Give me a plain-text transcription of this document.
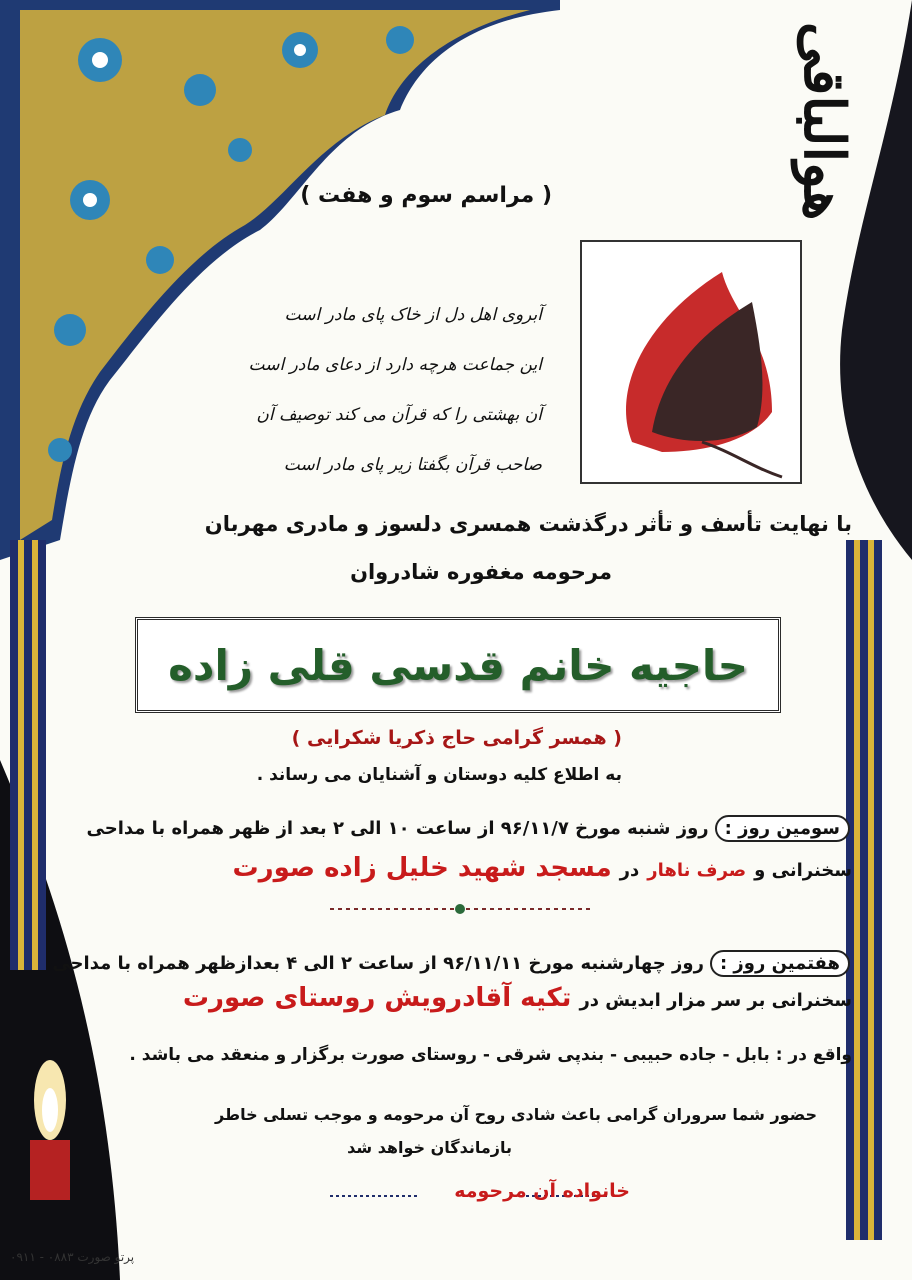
هوالباقی
( مراسم سوم و هفت )
آبروی اهل دل از خاک پای مادر است
این جماعت هرچه دارد از دعای مادر است
آن بهشتی را که قرآن می کند توصیف آن
صاحب قرآن بگفتا زیر پای مادر است
با نهایت تأسف و تأثر درگذشت همسری دلسوز و مادری مهربان
مرحومه مغفوره شادروان
حاجیه خانم قدسی قلی زاده
( همسر گرامی حاج ذکریا شکرایی )
به اطلاع کلیه دوستان و آشنایان می رساند .
سومین روز :
روز شنبه مورخ ۹۶/۱۱/۷ از ساعت ۱۰ الی ۲ بعد از ظهر همراه با مداحی
سخنرانی و
صرف ناهار
در
مسجد شهید خلیل زاده صورت
هفتمین روز :
روز چهارشنبه مورخ ۹۶/۱۱/۱۱ از ساعت ۲ الی ۴ بعدازظهر همراه با مداحی
سخنرانی بر سر مزار ابدیش در
تکیه آقادرویش روستای صورت
واقع در : بابل - جاده حبیبی - بندپی شرقی - روستای صورت برگزار و منعقد می باشد .
حضور شما سروران گرامی باعث شادی روح آن مرحومه و موجب تسلی خاطر
بازماندگان خواهد شد
خانواده آن مرحومه
پرتو صورت ۰۸۸۳ - ۰۹۱۱
